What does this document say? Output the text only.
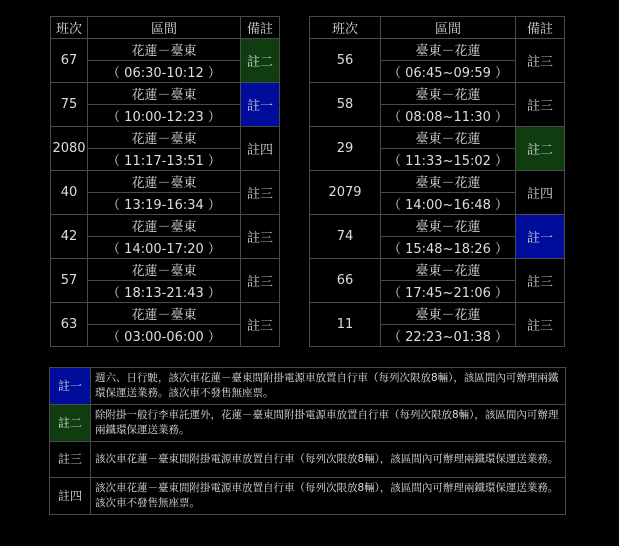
班次	區間	備註
67	花蓮－臺東	註二
	（ 06:30-10:12 ）	
75	花蓮－臺東	註一
	（ 10:00-12:23 ）	
2080	花蓮－臺東	註四
	（ 11:17-13:51 ）	
40	花蓮－臺東	註三
	（ 13:19-16:34 ）	
42	花蓮－臺東	註三
	（ 14:00-17:20 ）	
57	花蓮－臺東	註三
	（ 18:13-21:43 ）	
63	花蓮－臺東	註三
	（ 03:00-06:00 ）	
班次	區間	備註
56	臺東－花蓮	註三
	（ 06:45~09:59 ）	
58	臺東－花蓮	註三
	（ 08:08~11:30 ）	
29	臺東－花蓮	註二
	（ 11:33~15:02 ）	
2079	臺東－花蓮	註四
	（ 14:00~16:48 ）	
74	臺東－花蓮	註一
	（ 15:48~18:26 ）	
66	臺東－花蓮	註三
	（ 17:45~21:06 ）	
11	臺東－花蓮	註三
	（ 22:23~01:38 ）	
註一	週六、日行駛，該次車花蓮－臺東間附掛電源車放置自行車（每列次限放8輛），該區間內可辦理兩鐵環保運送業務。該次車不發售無座票。
註二	除附掛一般行李車託運外，花蓮－臺東間附掛電源車放置自行車（每列次限放8輛），該區間內可辦理兩鐵環保運送業務。
註三	該次車花蓮－臺東間附掛電源車放置自行車（每列次限放8輛），該區間內可辦理兩鐵環保運送業務。
註四	該次車花蓮－臺東間附掛電源車放置自行車（每列次限放8輛），該區間內可辦理兩鐵環保運送業務。該次車不發售無座票。
